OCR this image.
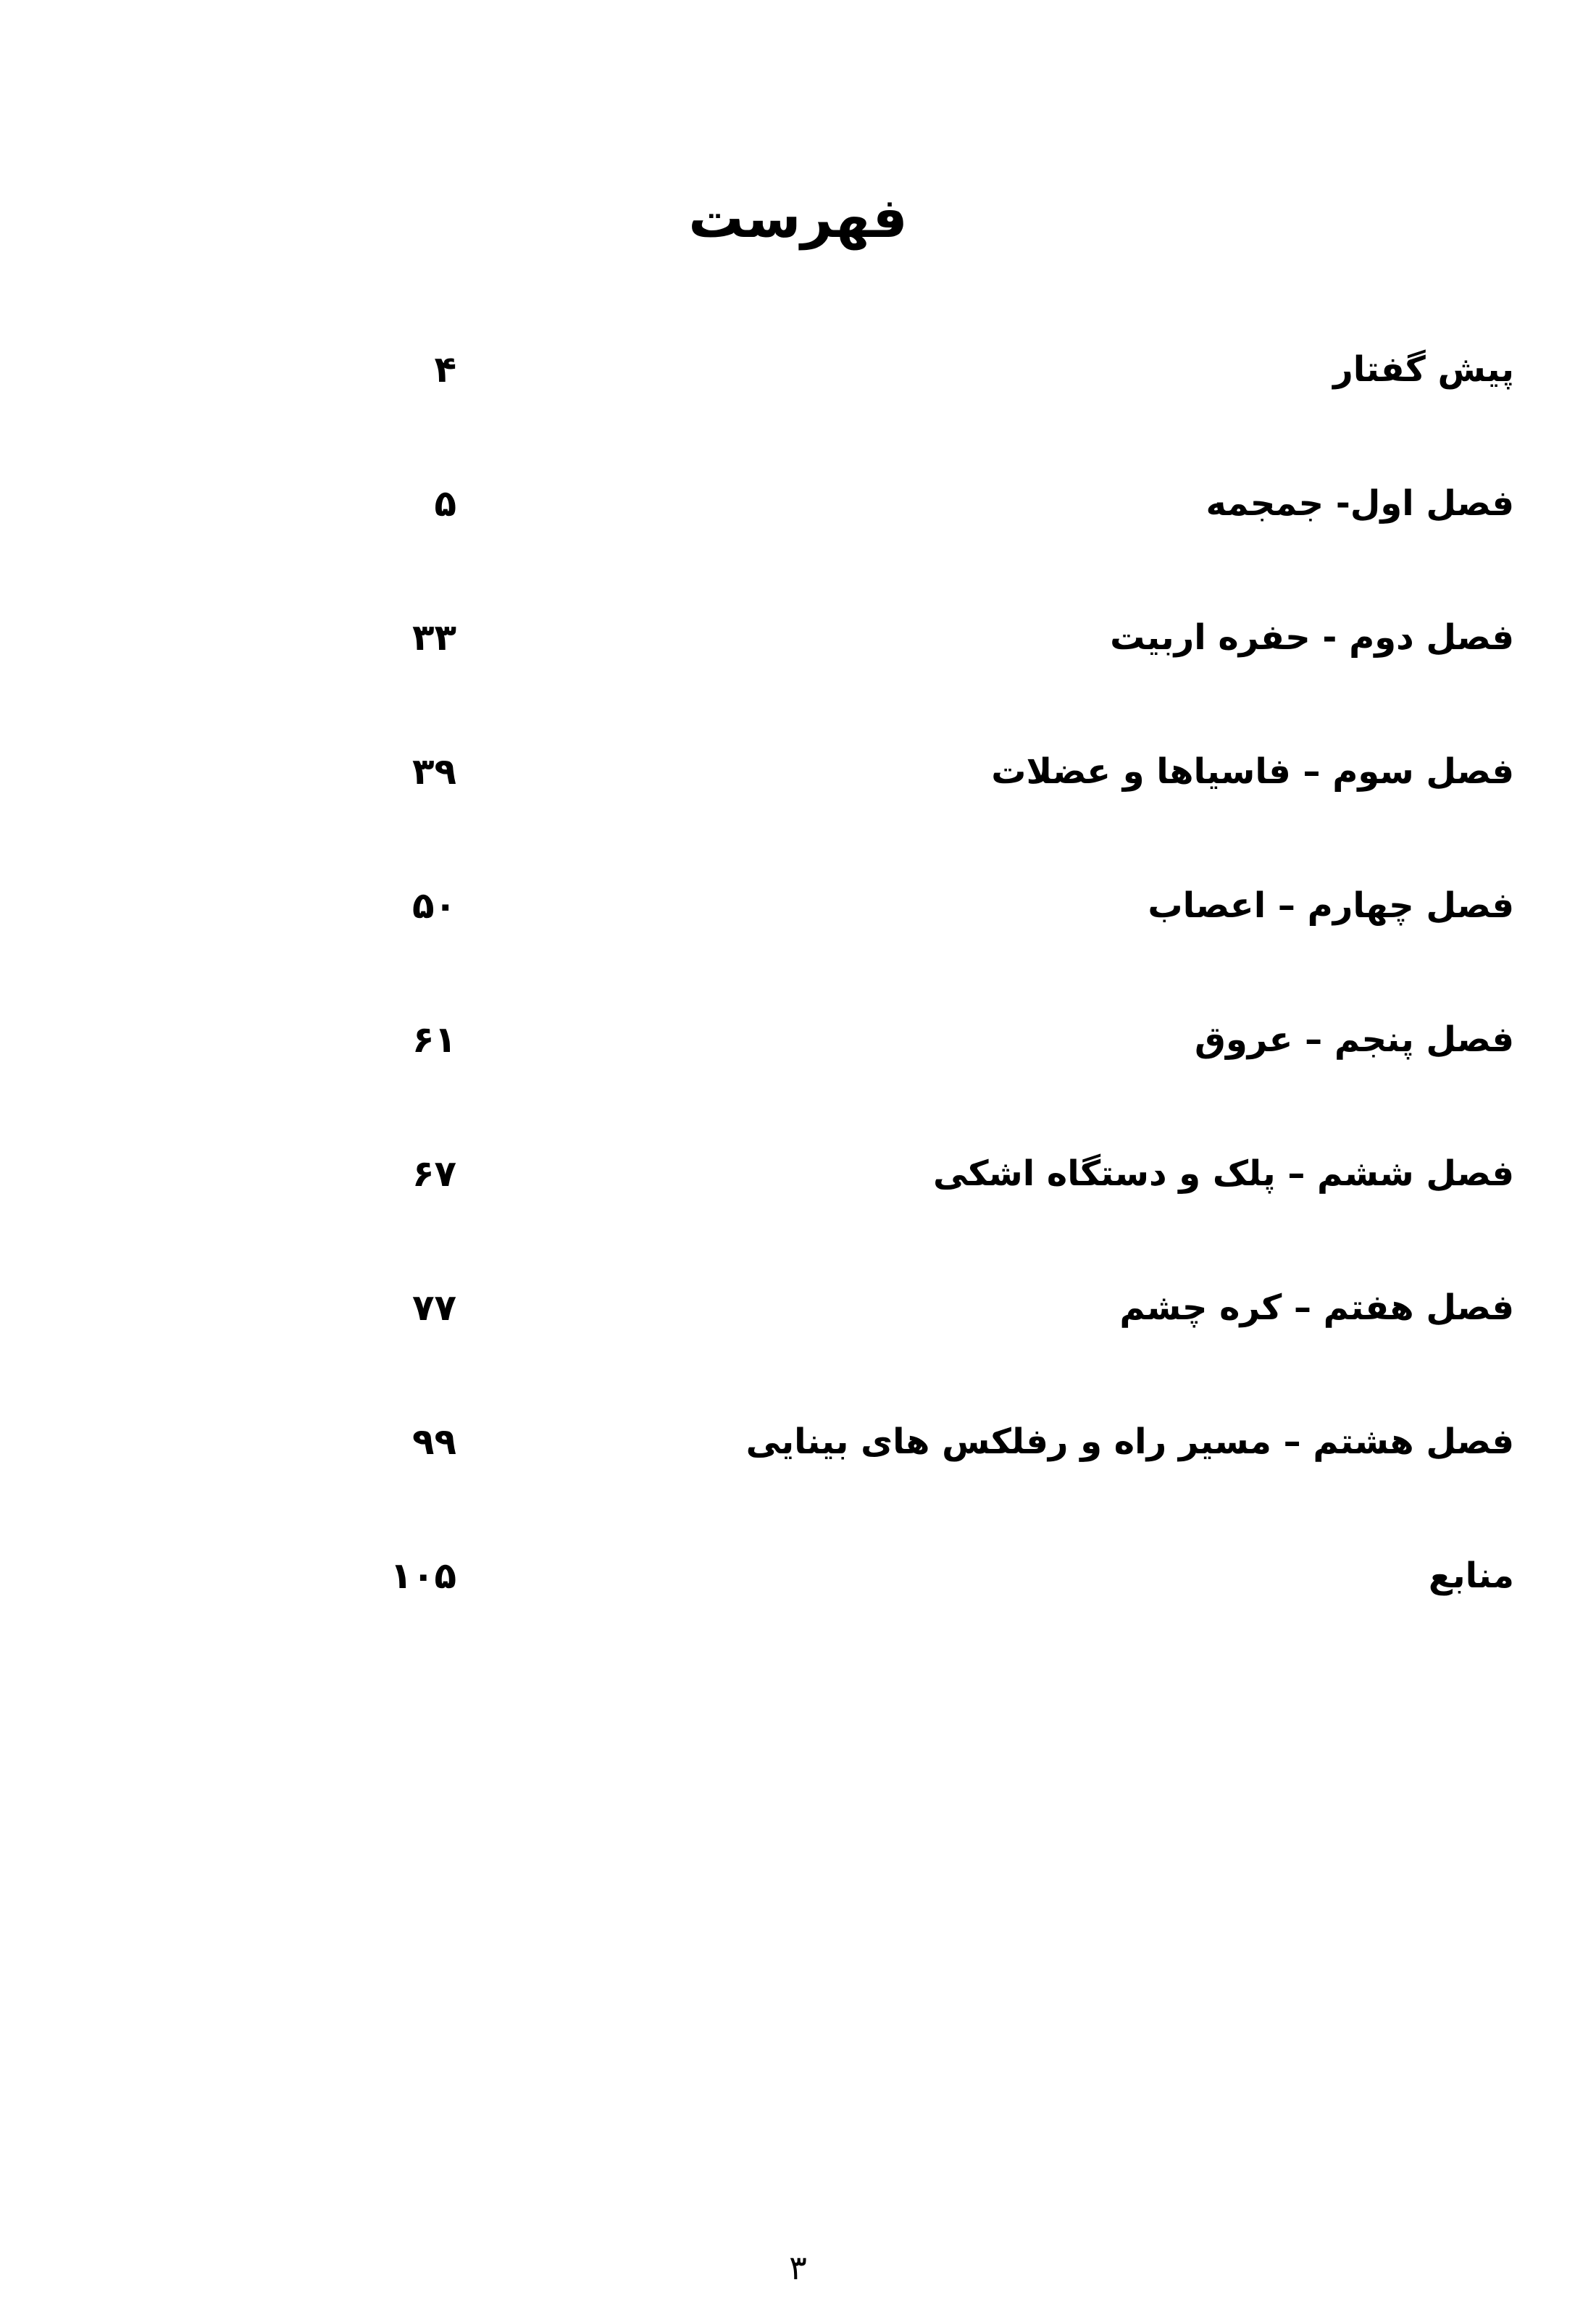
فهرست
پیش گفتار
۴
فصل اول- جمجمه
۵
فصل دوم - حفره اربیت
۳۳
فصل سوم – فاسیاها و عضلات
۳۹
فصل چهارم – اعصاب
۵۰
فصل پنجم – عروق
۶۱
فصل ششم – پلک و دستگاه اشکی
۶۷
فصل هفتم – کره چشم
۷۷
فصل هشتم – مسیر راه و رفلکس های بینایی
۹۹
منابع
۱۰۵
۳
